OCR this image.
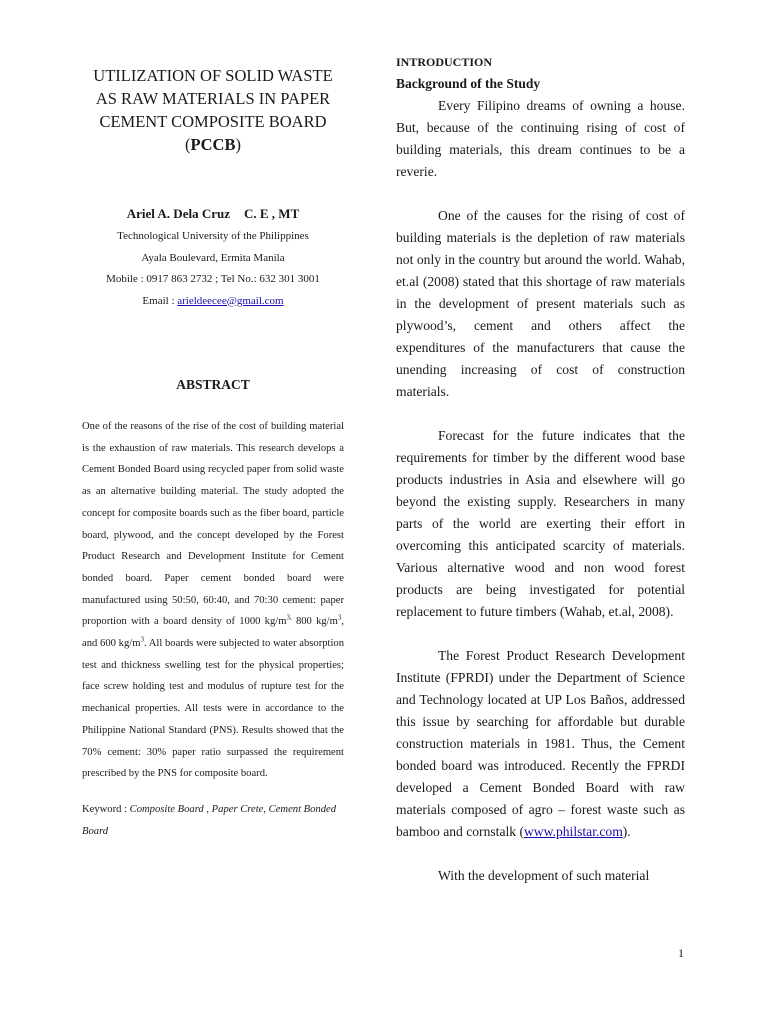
UTILIZATION OF SOLID WASTE AS RAW MATERIALS IN PAPER CEMENT COMPOSITE BOARD (PCCB)

Ariel A. Dela Cruz C. E , MT

Technological University of the Philippines

Ayala Boulevard, Ermita Manila

Mobile : 0917 863 2732 ; Tel No.: 632 301 3001

Email : arieldeecee@gmail.com

ABSTRACT

One of the reasons of the rise of the cost of building material is the exhaustion of raw materials. This research develops a Cement Bonded Board using recycled paper from solid waste as an alternative building material. The study adopted the concept for composite boards such as the fiber board, particle board, plywood, and the concept developed by the Forest Product Research and Development Institute for Cement bonded board. Paper cement bonded board were manufactured using 50:50, 60:40, and 70:30 cement: paper proportion with a board density of 1000 $kg/m^{3,}$ 800 $kg/m^3$, and 600 $kg/m^3$. All boards were subjected to water absorption test and thickness swelling test for the physical properties; face screw holding test and modulus of rupture test for the mechanical properties. All tests were in accordance to the Philippine National Standard (PNS). Results showed that the 70% cement: 30% paper ratio surpassed the requirement prescribed by the PNS for composite board.

Keyword : Composite Board , Paper Crete, Cement Bonded Board

INTRODUCTION
Background of the Study

Every Filipino dreams of owning a house. But, because of the continuing rising of cost of building materials, this dream continues to be a reverie.

One of the causes for the rising of cost of building materials is the depletion of raw materials not only in the country but around the world. Wahab, et.al (2008) stated that this shortage of raw materials in the development of present materials such as plywood’s, cement and others affect the expenditures of the manufacturers that cause the unending increasing of cost of construction materials.

Forecast for the future indicates that the requirements for timber by the different wood base products industries in Asia and elsewhere will go beyond the existing supply. Researchers in many parts of the world are exerting their effort in overcoming this anticipated scarcity of materials. Various alternative wood and non wood forest products are being investigated for potential replacement to future timbers (Wahab, et.al, 2008).

The Forest Product Research Development Institute (FPRDI) under the Department of Science and Technology located at UP Los Baños, addressed this issue by searching for affordable but durable construction materials in 1981. Thus, the Cement bonded board was introduced. Recently the FPRDI developed a Cement Bonded Board with raw materials composed of agro – forest waste such as bamboo and cornstalk (www.philstar.com).

With the development of such material

1
